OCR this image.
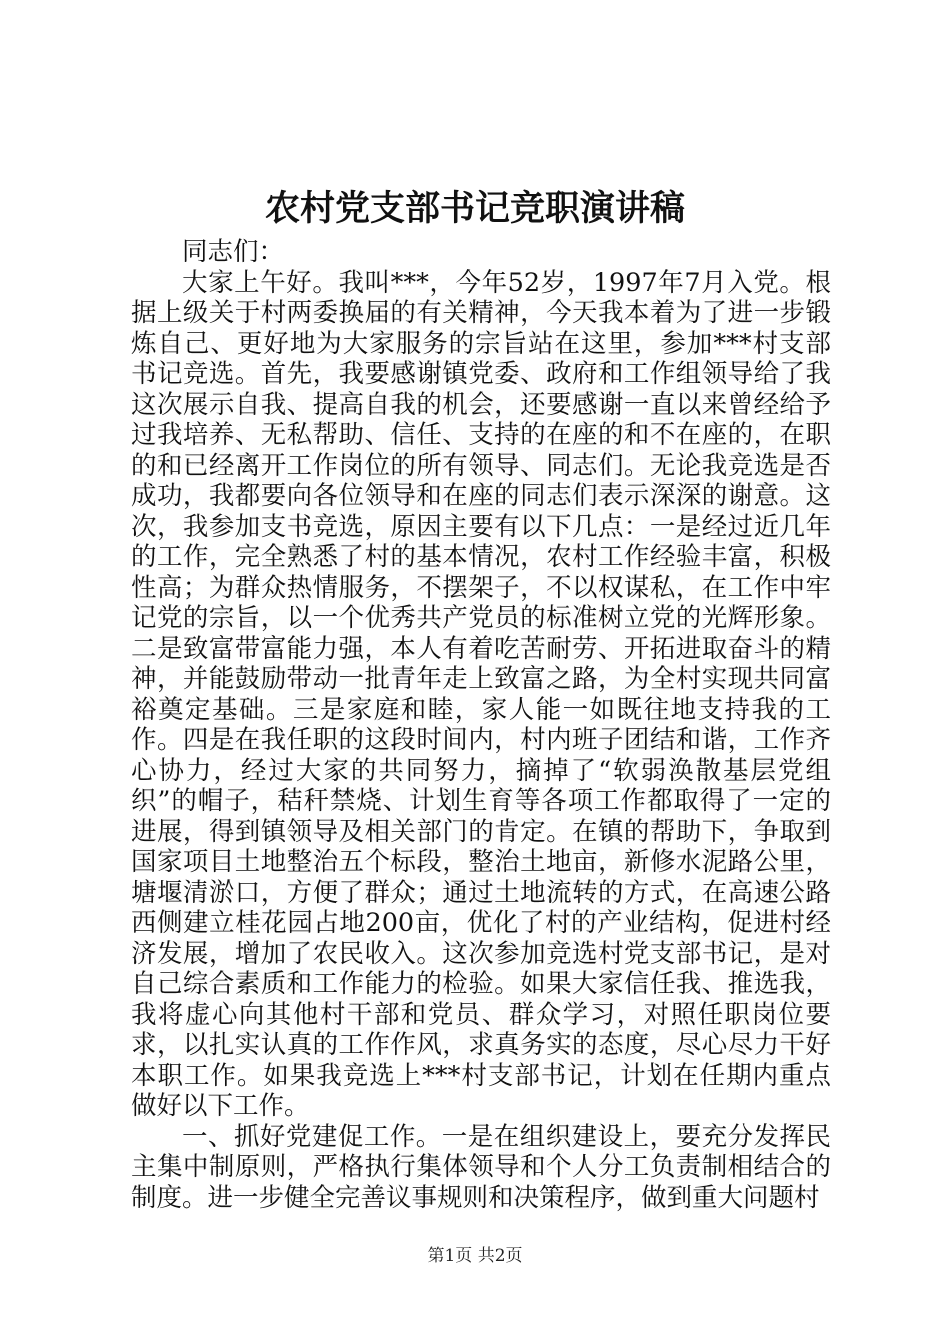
农村党支部书记竞职演讲稿

同志们：

大家上午好。我叫***，今年52岁，1997年7月入党。根据上级关于村两委换届的有关精神，今天我本着为了进一步锻炼自己、更好地为大家服务的宗旨站在这里，参加***村支部书记竞选。首先，我要感谢镇党委、政府和工作组领导给了我这次展示自我、提高自我的机会，还要感谢一直以来曾经给予过我培养、无私帮助、信任、支持的在座的和不在座的，在职的和已经离开工作岗位的所有领导、同志们。无论我竞选是否成功，我都要向各位领导和在座的同志们表示深深的谢意。这次，我参加支书竞选，原因主要有以下几点：一是经过近几年的工作，完全熟悉了村的基本情况，农村工作经验丰富，积极性高；为群众热情服务，不摆架子，不以权谋私，在工作中牢记党的宗旨，以一个优秀共产党员的标准树立党的光辉形象。二是致富带富能力强，本人有着吃苦耐劳、开拓进取奋斗的精神，并能鼓励带动一批青年走上致富之路，为全村实现共同富裕奠定基础。三是家庭和睦，家人能一如既往地支持我的工作。四是在我任职的这段时间内，村内班子团结和谐，工作齐心协力，经过大家的共同努力，摘掉了“软弱涣散基层党组织”的帽子，秸秆禁烧、计划生育等各项工作都取得了一定的进展，得到镇领导及相关部门的肯定。在镇的帮助下，争取到国家项目土地整治五个标段，整治土地亩，新修水泥路公里，塘堰清淤口，方便了群众；通过土地流转的方式，在高速公路西侧建立桂花园占地200亩，优化了村的产业结构，促进村经济发展，增加了农民收入。这次参加竞选村党支部书记，是对自己综合素质和工作能力的检验。如果大家信任我、推选我，我将虚心向其他村干部和党员、群众学习，对照任职岗位要求，以扎实认真的工作作风，求真务实的态度，尽心尽力干好本职工作。如果我竞选上***村支部书记，计划在任期内重点做好以下工作。

一、抓好党建促工作。一是在组织建设上，要充分发挥民主集中制原则，严格执行集体领导和个人分工负责制相结合的制度。进一步健全完善议事规则和决策程序，做到重大问题村

第1页 共2页
